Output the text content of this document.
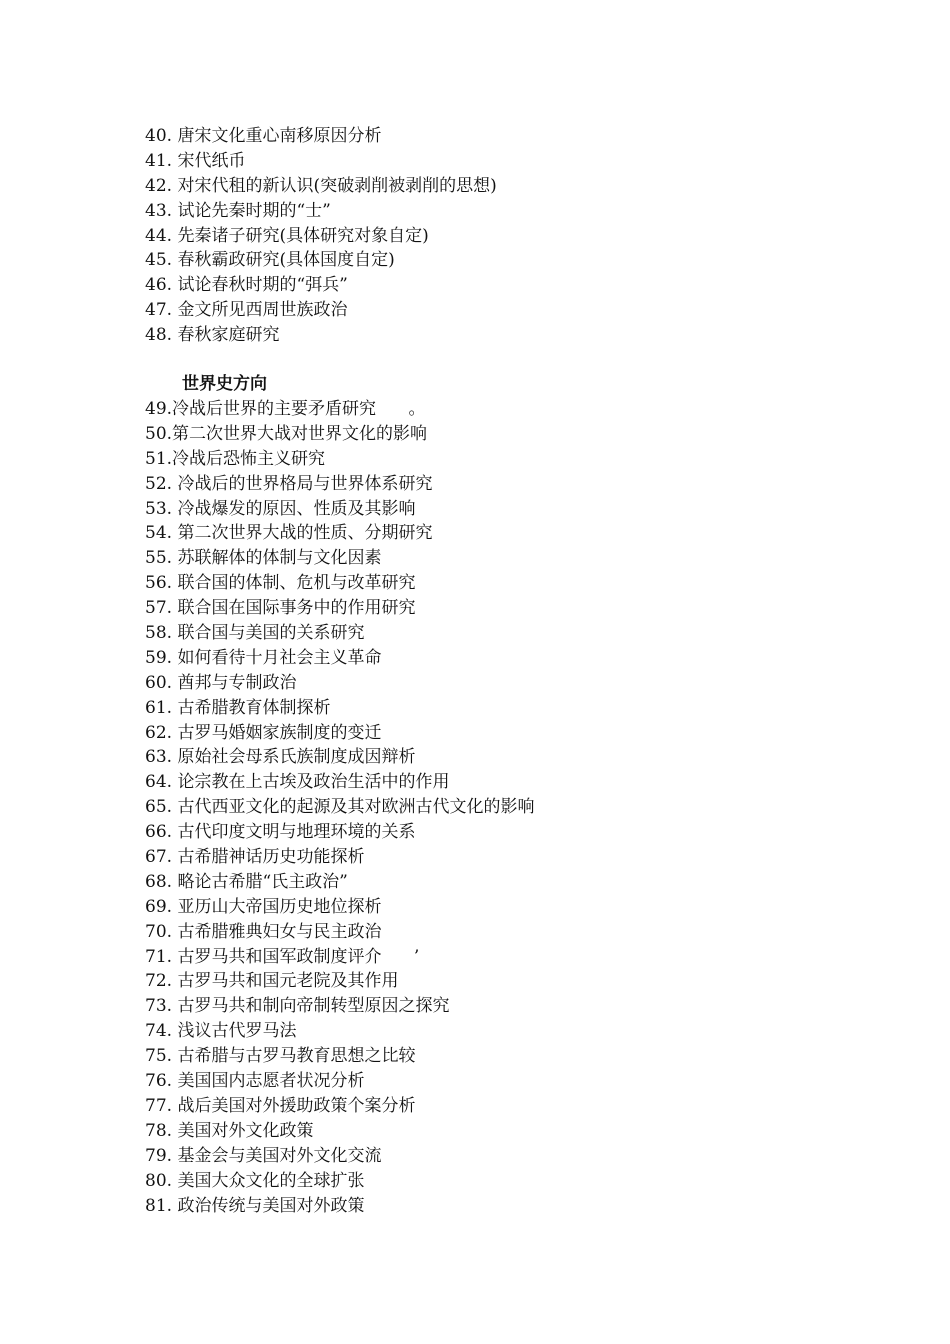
40. 唐宋文化重心南移原因分析
41. 宋代纸币
42. 对宋代租的新认识(突破剥削被剥削的思想)
43. 试论先秦时期的“士”
44. 先秦诸子研究(具体研究对象自定)
45. 春秋霸政研究(具体国度自定)
46. 试论春秋时期的“弭兵”
47. 金文所见西周世族政治
48. 春秋家庭研究
世界史方向
49.冷战后世界的主要矛盾研究      。
50.第二次世界大战对世界文化的影响
51.冷战后恐怖主义研究
52. 冷战后的世界格局与世界体系研究
53. 冷战爆发的原因、性质及其影响
54. 第二次世界大战的性质、分期研究
55. 苏联解体的体制与文化因素
56. 联合国的体制、危机与改革研究
57. 联合国在国际事务中的作用研究
58. 联合国与美国的关系研究
59. 如何看待十月社会主义革命
60. 酋邦与专制政治
61. 古希腊教育体制探析
62. 古罗马婚姻家族制度的变迁
63. 原始社会母系氏族制度成因辩析
64. 论宗教在上古埃及政治生活中的作用
65. 古代西亚文化的起源及其对欧洲古代文化的影响
66. 古代印度文明与地理环境的关系
67. 古希腊神话历史功能探析
68. 略论古希腊“氏主政治”
69. 亚历山大帝国历史地位探析
70. 古希腊雅典妇女与民主政治
71. 古罗马共和国军政制度评介      ’
72. 古罗马共和国元老院及其作用
73. 古罗马共和制向帝制转型原因之探究
74. 浅议古代罗马法
75. 古希腊与古罗马教育思想之比较
76. 美国国内志愿者状况分析
77. 战后美国对外援助政策个案分析
78. 美国对外文化政策
79. 基金会与美国对外文化交流
80. 美国大众文化的全球扩张
81. 政治传统与美国对外政策
